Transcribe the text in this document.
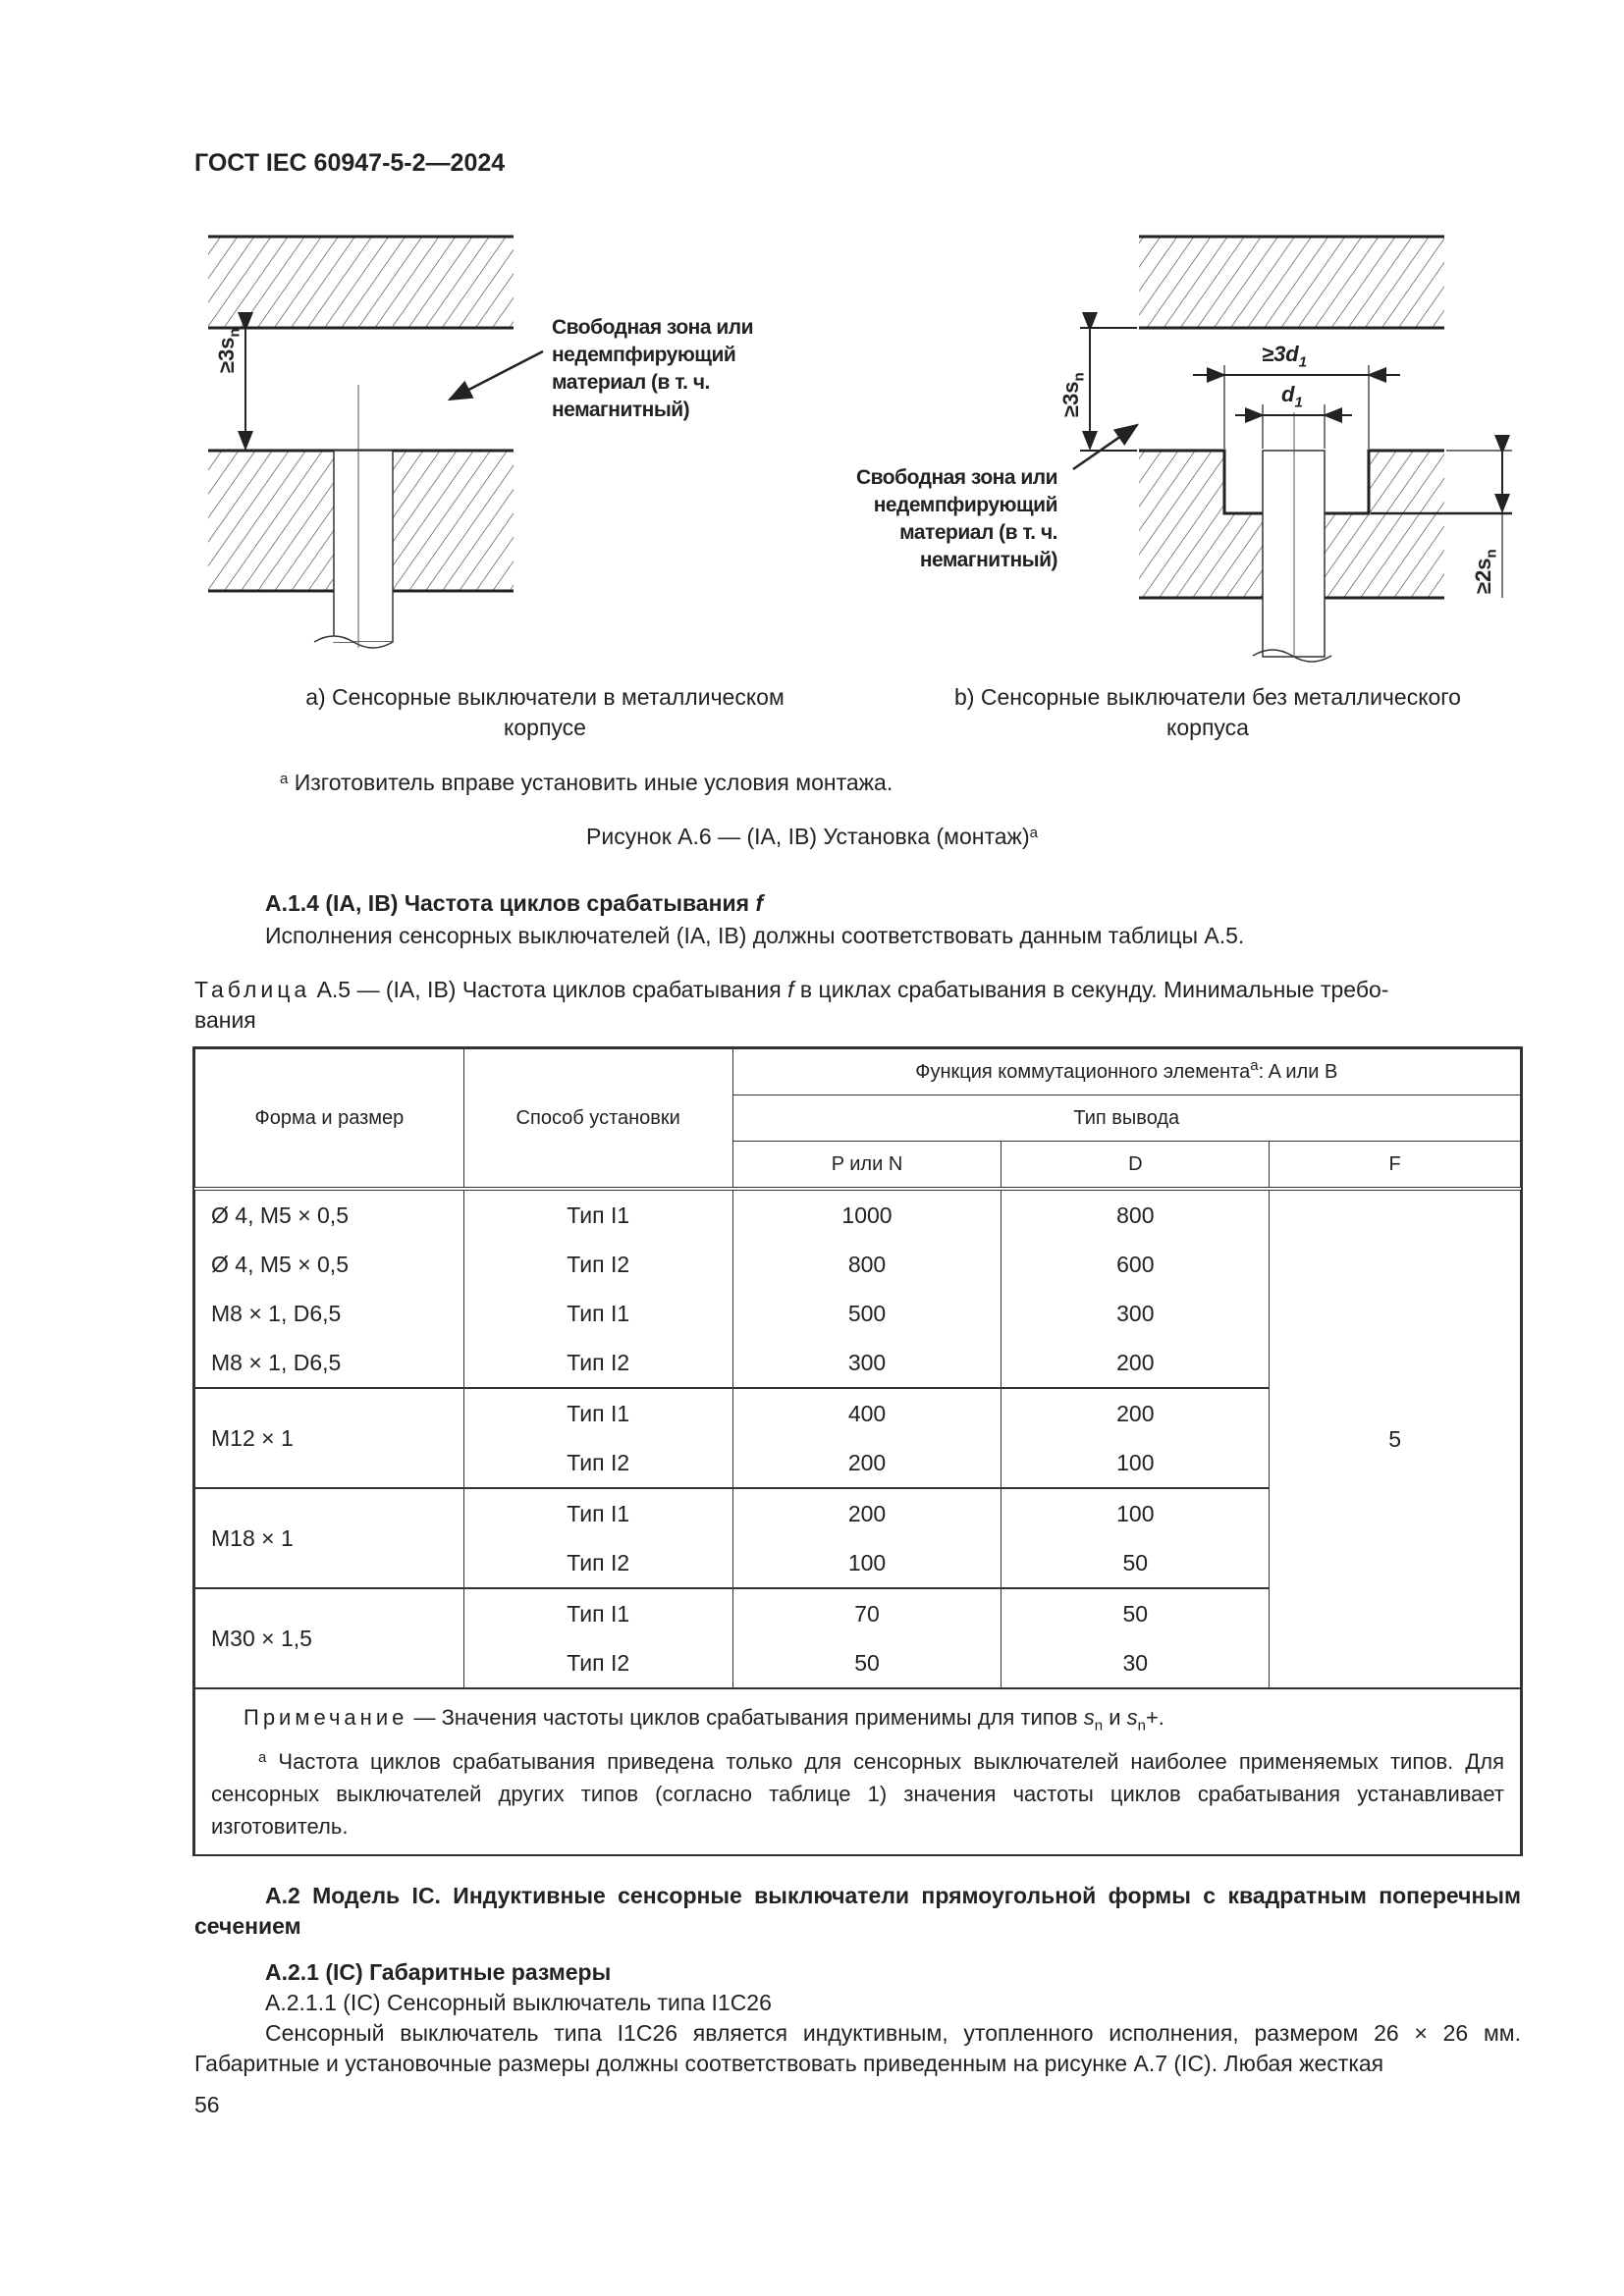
ГОСТ IEC 60947-5-2—2024
$\ge 3s_n$
$\ge 3s_n$
$\ge 2s_n$
$\ge 3d_1$
$d_1$
Свободная зона или
недемпфирующий
материал (в т. ч.
немагнитный)
Свободная зона или
недемпфирующий
материал (в т. ч.
немагнитный)
a) Сенсорные выключатели в металлическом
корпусе
b) Сенсорные выключатели без металлического
корпуса
$^a$ Изготовитель вправе установить иные условия монтажа.
Рисунок A.6 — (IA, IB) Установка (монтаж)$^a$
A.1.4 (IA, IB) Частота циклов срабатывания f
Исполнения сенсорных выключателей (IA, IB) должны соответствовать данным таблицы A.5.
Таблица A.5 — (IA, IB) Частота циклов срабатывания f в циклах срабатывания в секунду. Минимальные требо-
вания
Форма и размер	Способ установки	Функция коммутационного элемента$^a$: A или B		
		Тип вывода		
		P или N	D	F
Ø 4, M5 × 0,5	Тип I1	1000	800	5
Ø 4, M5 × 0,5	Тип I2	800	600	
M8 × 1, D6,5	Тип I1	500	300	
M8 × 1, D6,5	Тип I2	300	200	
M12 × 1	Тип I1	400	200	
	Тип I2	200	100	
M18 × 1	Тип I1	200	100	
	Тип I2	100	50	
M30 × 1,5	Тип I1	70	50	
	Тип I2	50	30	

Примечание — Значения частоты циклов срабатывания применимы для типов $s_n$ и $s_n+$.
$^a$ Частота циклов срабатывания приведена только для сенсорных выключателей наиболее применяемых типов. Для сенсорных выключателей других типов (согласно таблице 1) значения частоты циклов срабатывания устанавливает изготовитель.				
A.2 Модель IC. Индуктивные сенсорные выключатели прямоугольной формы с квадратным поперечным сечением
A.2.1 (IC) Габаритные размеры
A.2.1.1 (IC) Сенсорный выключатель типа I1C26
Сенсорный выключатель типа I1C26 является индуктивным, утопленного исполнения, размером 26 × 26 мм. Габаритные и установочные размеры должны соответствовать приведенным на рисунке A.7 (IC). Любая жесткая
56
